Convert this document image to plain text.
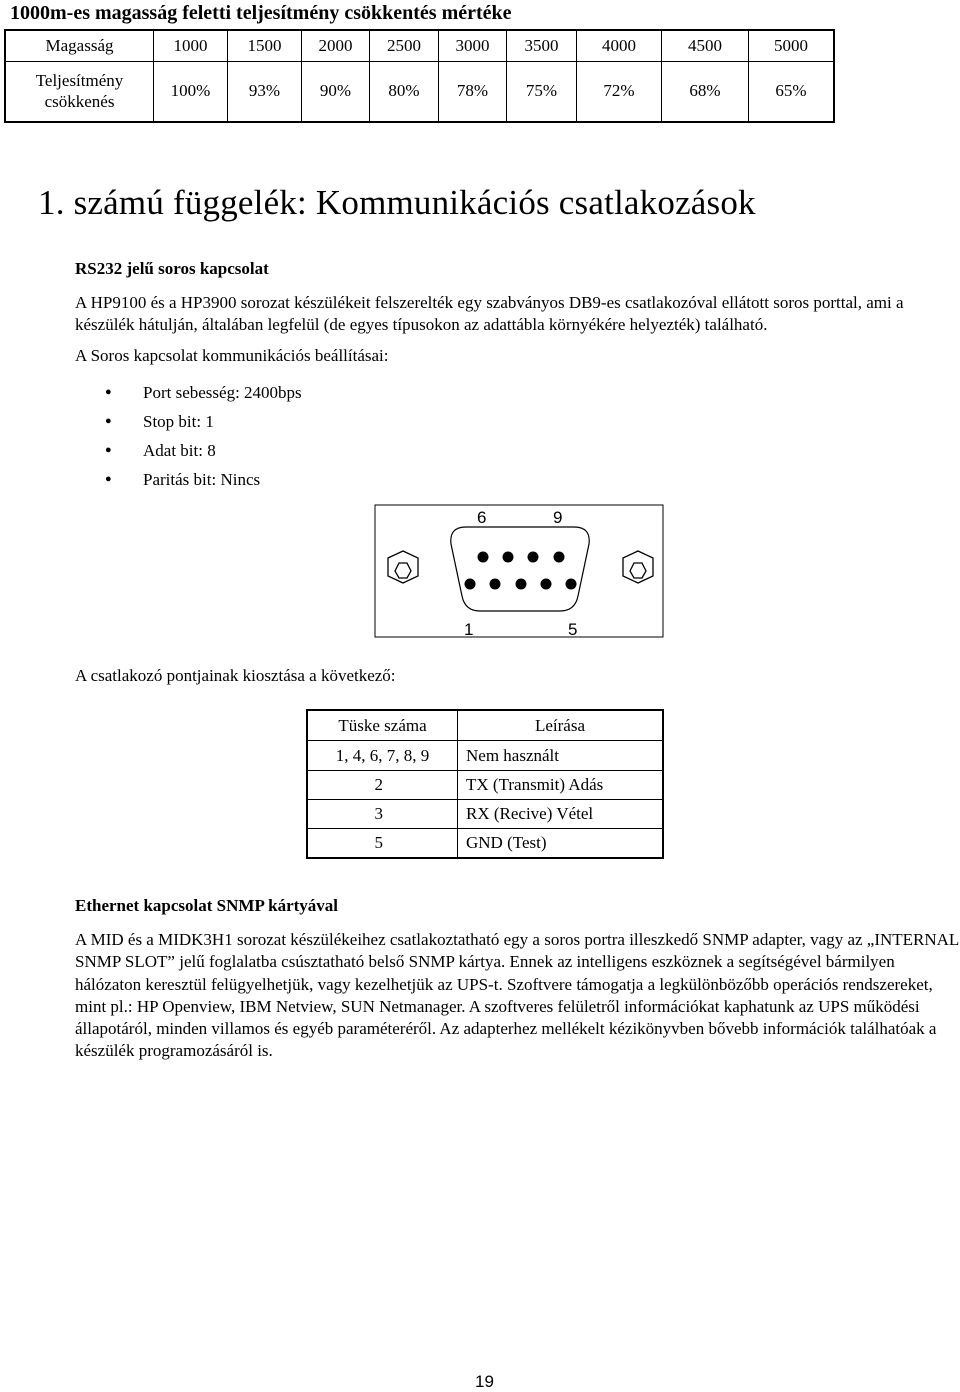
1000m-es magasság feletti teljesítmény csökkentés mértéke
Magasság	1000	1500	2000	2500	3000	3500	4000	4500	5000
Teljesítmény csökkenés	100%	93%	90%	80%	78%	75%	72%	68%	65%
1. számú függelék: Kommunikációs csatlakozások
RS232 jelű soros kapcsolat
A HP9100 és a HP3900 sorozat készülékeit felszerelték egy szabványos DB9-es csatlakozóval ellátott soros porttal, ami a készülék hátulján, általában legfelül (de egyes típusokon az adattábla környékére helyezték) található.
A Soros kapcsolat kommunikációs beállításai:
● Port sebesség: 2400bps
● Stop bit: 1
● Adat bit: 8
● Paritás bit: Nincs
6	9
1	5
A csatlakozó pontjainak kiosztása a következő:
Tüske száma	Leírása
1, 4, 6, 7, 8, 9	Nem használt
2	TX (Transmit) Adás
3	RX (Recive) Vétel
5	GND (Test)
Ethernet kapcsolat SNMP kártyával
A MID és a MIDK3H1 sorozat készülékeihez csatlakoztatható egy a soros portra illeszkedő SNMP adapter, vagy az „INTERNAL SNMP SLOT” jelű foglalatba csúsztatható belső SNMP kártya. Ennek az intelligens eszköznek a segítségével bármilyen hálózaton keresztül felügyelhetjük, vagy kezelhetjük az UPS-t. Szoftvere támogatja a legkülönbözőbb operációs rendszereket, mint pl.: HP Openview, IBM Netview, SUN Netmanager. A szoftveres felületről információkat kaphatunk az UPS működési állapotáról, minden villamos és egyéb paraméteréről. Az adapterhez mellékelt kézikönyvben bővebb információk találhatóak a készülék programozásáról is.
19
